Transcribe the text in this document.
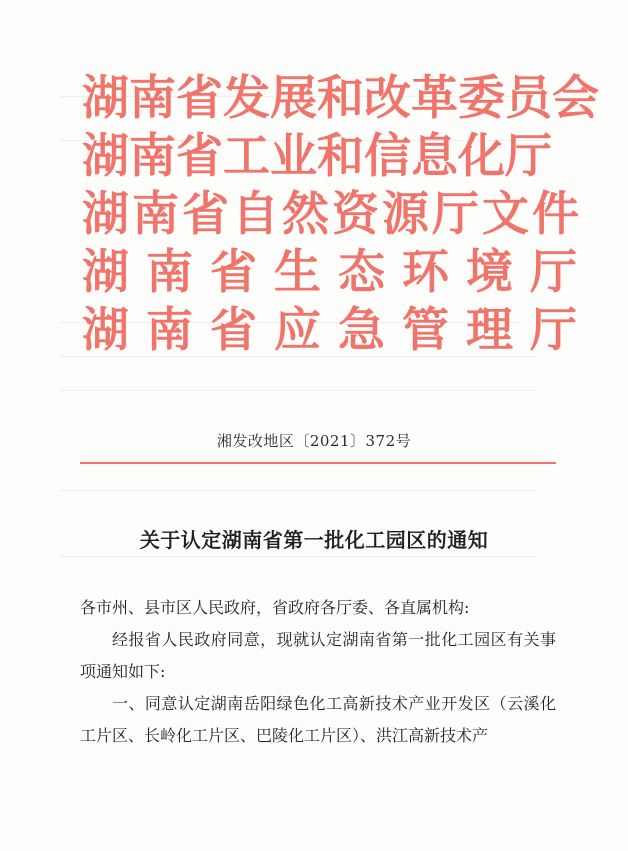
湖南省发展和改革委员会
湖南省工业和信息化厅
湖南省自然资源厅文件
湖南省生态环境厅
湖南省应急管理厅
湘发改地区〔2021〕372号
关于认定湖南省第一批化工园区的通知

各市州、县市区人民政府，省政府各厅委、各直属机构:

经报省人民政府同意，现就认定湖南省第一批化工园区有关事项通知如下:

一、同意认定湖南岳阳绿色化工高新技术产业开发区（云溪化工片区、长岭化工片区、巴陵化工片区）、洪江高新技术产
